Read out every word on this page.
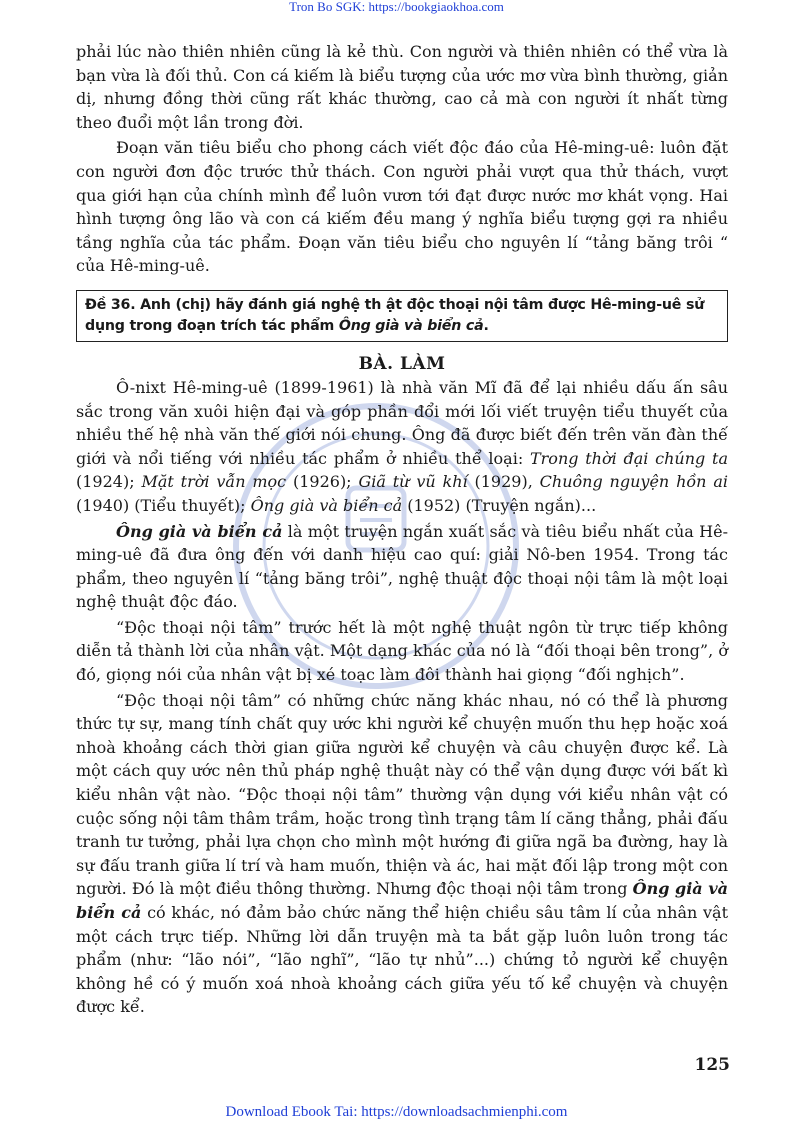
Tron Bo SGK: https://bookgiaokhoa.com

phải lúc nào thiên nhiên cũng là kẻ thù. Con người và thiên nhiên có thể vừa là bạn vừa là đối thủ. Con cá kiếm là biểu tượng của ước mơ vừa bình thường, giản dị, nhưng đồng thời cũng rất khác thường, cao cả mà con người ít nhất từng theo đuổi một lần trong đời.

Đoạn văn tiêu biểu cho phong cách viết độc đáo của Hê-ming-uê: luôn đặt con người đơn độc trước thử thách. Con người phải vượt qua thử thách, vượt qua giới hạn của chính mình để luôn vươn tới đạt được nước mơ khát vọng. Hai hình tượng ông lão và con cá kiếm đều mang ý nghĩa biểu tượng gợi ra nhiều tầng nghĩa của tác phẩm. Đoạn văn tiêu biểu cho nguyên lí “tảng băng trôi “ của Hê-ming-uê.

Đề 36. Anh (chị) hãy đánh giá nghệ th ật độc thoại nội tâm được Hê-ming-uê sử dụng trong đoạn trích tác phẩm Ông già và biển cả.
BÀ. LÀM

Ô-nixt Hê-ming-uê (1899-1961) là nhà văn Mĩ đã để lại nhiều dấu ấn sâu sắc trong văn xuôi hiện đại và góp phần đổi mới lối viết truyện tiểu thuyết của nhiều thế hệ nhà văn thế giới nói chung. Ông đã được biết đến trên văn đàn thế giới và nổi tiếng với nhiều tác phẩm ở nhiều thể loại: Trong thời đại chúng ta (1924); Mặt trời vẫn mọc (1926); Giã từ vũ khí (1929), Chuông nguyện hồn ai (1940) (Tiểu thuyết); Ông già và biển cả (1952) (Truyện ngắn)...

Ông già và biển cả là một truyện ngắn xuất sắc và tiêu biểu nhất của Hê-ming-uê đã đưa ông đến với danh hiệu cao quí: giải Nô-ben 1954. Trong tác phẩm, theo nguyên lí “tảng băng trôi”, nghệ thuật độc thoại nội tâm là một loại nghệ thuật độc đáo.

“Độc thoại nội tâm” trước hết là một nghệ thuật ngôn từ trực tiếp không diễn tả thành lời của nhân vật. Một dạng khác của nó là “đối thoại bên trong”, ở đó, giọng nói của nhân vật bị xé toạc làm đôi thành hai giọng “đối nghịch”.

“Độc thoại nội tâm” có những chức năng khác nhau, nó có thể là phương thức tự sự, mang tính chất quy ước khi người kể chuyện muốn thu hẹp hoặc xoá nhoà khoảng cách thời gian giữa người kể chuyện và câu chuyện được kể. Là một cách quy ước nên thủ pháp nghệ thuật này có thể vận dụng được với bất kì kiểu nhân vật nào. “Độc thoại nội tâm” thường vận dụng với kiểu nhân vật có cuộc sống nội tâm thâm trầm, hoặc trong tình trạng tâm lí căng thẳng, phải đấu tranh tư tưởng, phải lựa chọn cho mình một hướng đi giữa ngã ba đường, hay là sự đấu tranh giữa lí trí và ham muốn, thiện và ác, hai mặt đối lập trong một con người. Đó là một điều thông thường. Nhưng độc thoại nội tâm trong Ông già và biển cả có khác, nó đảm bảo chức năng thể hiện chiều sâu tâm lí của nhân vật một cách trực tiếp. Những lời dẫn truyện mà ta bắt gặp luôn luôn trong tác phẩm (như: “lão nói”, “lão nghĩ”, “lão tự nhủ”...) chứng tỏ người kể chuyện không hề có ý muốn xoá nhoà khoảng cách giữa yếu tố kể chuyện và chuyện được kể.

125
Download Ebook Tai: https://downloadsachmienphi.com
